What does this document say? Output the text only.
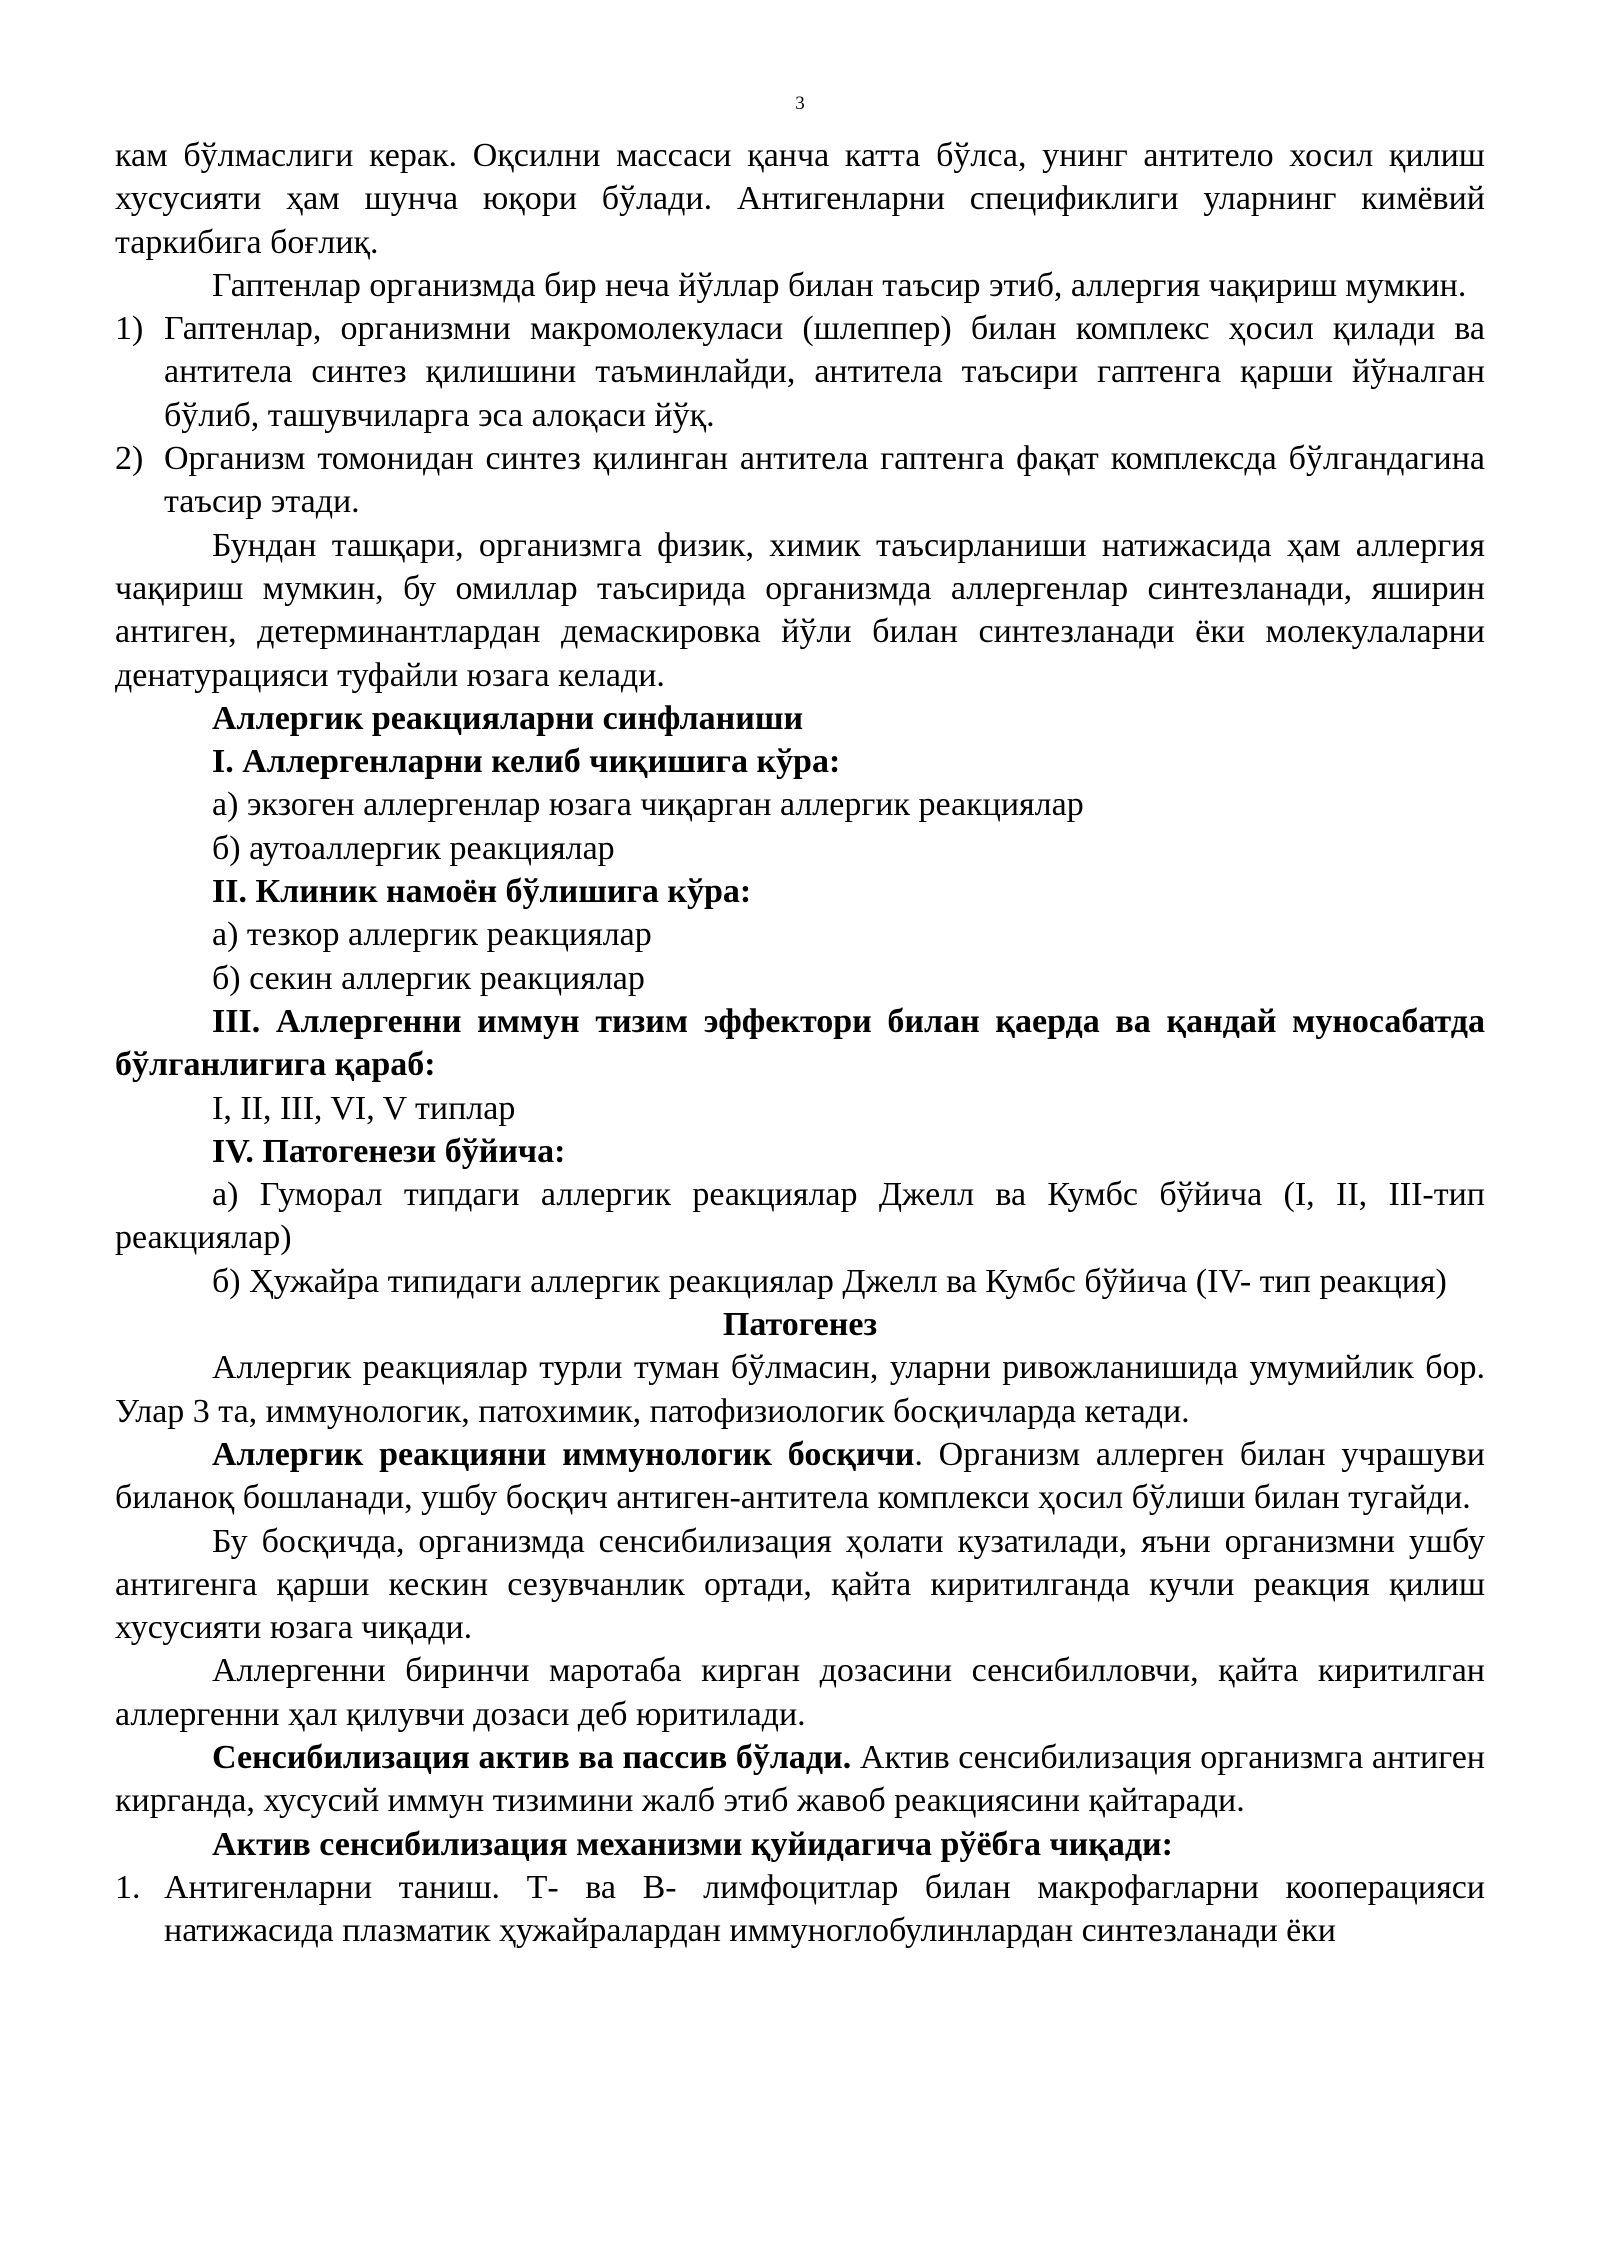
3

кам бўлмаслиги керак. Оқсилни массаси қанча катта бўлса, унинг антитело хосил қилиш хусусияти ҳам шунча юқори бўлади. Антигенларни спецификлиги уларнинг кимёвий таркибига боғлиқ.

Гаптенлар организмда бир неча йўллар билан таъсир этиб, аллергия чақириш мумкин.

1) Гаптенлар, организмни макромолекуласи (шлеппер) билан комплекс ҳосил қилади ва антитела синтез қилишини таъминлайди, антитела таъсири гаптенга қарши йўналган бўлиб, ташувчиларга эса алоқаси йўқ.
2) Организм томонидан синтез қилинган антитела гаптенга фақат комплексда бўлгандагина таъсир этади.

Бундан ташқари, организмга физик, химик таъсирланиши натижасида ҳам аллергия чақириш мумкин, бу омиллар таъсирида организмда аллергенлар синтезланади, яширин антиген, детерминантлардан демаскировка йўли билан синтезланади ёки молекулаларни денатурацияси туфайли юзага келади.

Аллергик реакцияларни синфланиши

I. Аллергенларни келиб чиқишига кўра:

а) экзоген аллергенлар юзага чиқарган аллергик реакциялар

б) аутоаллергик реакциялар

II. Клиник намоён бўлишига кўра:

а) тезкор аллергик реакциялар

б) секин аллергик реакциялар

III. Аллергенни иммун тизим эффектори билан қаерда ва қандай муносабатда бўлганлигига қараб:

I, II, III, VI, V типлар

IV. Патогенези бўйича:

а) Гуморал типдаги аллергик реакциялар Джелл ва Кумбс бўйича (I, II, III-тип реакциялар)

б) Ҳужайра типидаги аллергик реакциялар Джелл ва Кумбс бўйича (IV- тип реакция)

Патогенез

Аллергик реакциялар турли туман бўлмасин, уларни ривожланишида умумийлик бор. Улар 3 та, иммунологик, патохимик, патофизиологик босқичларда кетади.

Аллергик реакцияни иммунологик босқичи. Организм аллерген билан учрашуви биланоқ бошланади, ушбу босқич антиген-антитела комплекси ҳосил бўлиши билан тугайди.

Бу босқичда, организмда сенсибилизация ҳолати кузатилади, яъни организмни ушбу антигенга қарши кескин сезувчанлик ортади, қайта киритилганда кучли реакция қилиш хусусияти юзага чиқади.

Аллергенни биринчи маротаба кирган дозасини сенсибилловчи, қайта киритилган аллергенни ҳал қилувчи дозаси деб юритилади.

Сенсибилизация актив ва пассив бўлади. Актив сенсибилизация организмга антиген кирганда, хусусий иммун тизимини жалб этиб жавоб реакциясини қайтаради.

Актив сенсибилизация механизми қуйидагича рўёбга чиқади:

1. Антигенларни таниш. Т- ва В- лимфоцитлар билан макрофагларни кооперацияси натижасида плазматик ҳужайралардан иммуноглобулинлардан синтезланади ёки
